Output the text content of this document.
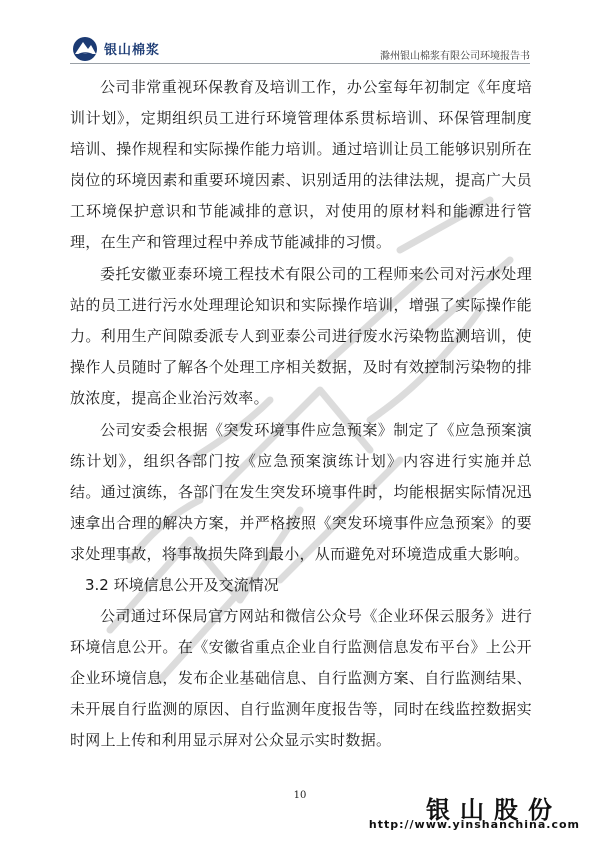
银山棉浆	滁州银山棉浆有限公司环境报告书

公司非常重视环保教育及培训工作，办公室每年初制定《年度培训计划》，定期组织员工进行环境管理体系贯标培训、环保管理制度培训、操作规程和实际操作能力培训。通过培训让员工能够识别所在岗位的环境因素和重要环境因素、识别适用的法律法规，提高广大员工环境保护意识和节能减排的意识，对使用的原材料和能源进行管理，在生产和管理过程中养成节能减排的习惯。

委托安徽亚泰环境工程技术有限公司的工程师来公司对污水处理站的员工进行污水处理理论知识和实际操作培训，增强了实际操作能力。利用生产间隙委派专人到亚泰公司进行废水污染物监测培训，使操作人员随时了解各个处理工序相关数据，及时有效控制污染物的排放浓度，提高企业治污效率。

公司安委会根据《突发环境事件应急预案》制定了《应急预案演练计划》，组织各部门按《应急预案演练计划》内容进行实施并总结。通过演练，各部门在发生突发环境事件时，均能根据实际情况迅速拿出合理的解决方案，并严格按照《突发环境事件应急预案》的要求处理事故，将事故损失降到最小，从而避免对环境造成重大影响。

3.2 环境信息公开及交流情况

公司通过环保局官方网站和微信公众号《企业环保云服务》进行环境信息公开。在《安徽省重点企业自行监测信息发布平台》上公开企业环境信息，发布企业基础信息、自行监测方案、自行监测结果、未开展自行监测的原因、自行监测年度报告等，同时在线监控数据实时网上上传和利用显示屏对公众显示实时数据。

10
银山股份
http://www.yinshanchina.com
